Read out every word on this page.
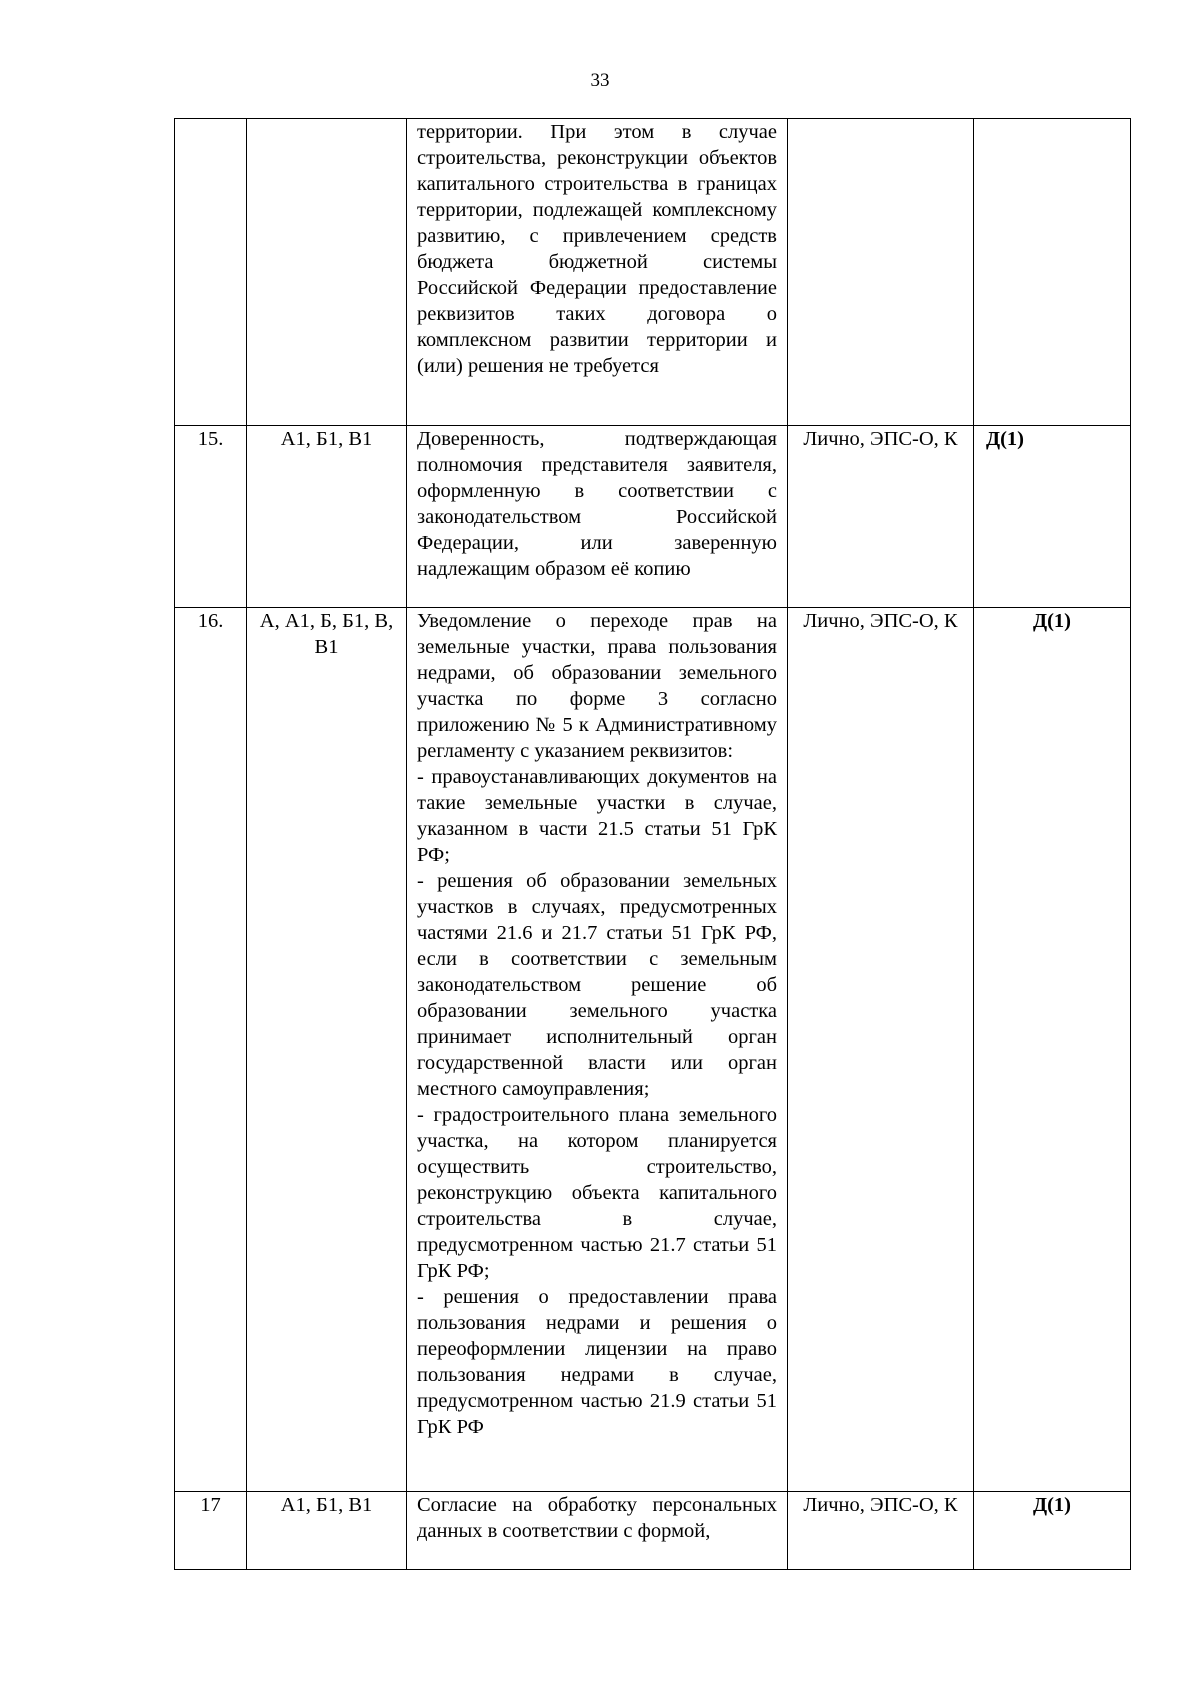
33

		территории. При этом в случае строительства, реконструкции объектов капитального строительства в границах территории, подлежащей комплексному развитию, с привлечением средств бюджета бюджетной системы Российской Федерации предоставление реквизитов таких договора о комплексном развитии территории и (или) решения не требуется		

15.	А1, Б1, В1	Доверенность, подтверждающая полномочия представителя заявителя, оформленную в соответствии с законодательством Российской Федерации, или заверенную надлежащим образом её копию	Лично, ЭПС-О, К	Д(1)
16.	А, А1, Б, Б1, В, В1	Уведомление о переходе прав на земельные участки, права пользования недрами, об образовании земельного участка по форме 3 согласно приложению № 5 к Административному регламенту с указанием реквизитов:

- правоустанавливающих документов на такие земельные участки в случае, указанном в части 21.5 статьи 51 ГрК РФ;

- решения об образовании земельных участков в случаях, предусмотренных частями 21.6 и 21.7 статьи 51 ГрК РФ, если в соответствии с земельным законодательством решение об образовании земельного участка принимает исполнительный орган государственной власти или орган местного самоуправления;

- градостроительного плана земельного участка, на котором планируется осуществить строительство, реконструкцию объекта капитального строительства в случае, предусмотренном частью 21.7 статьи 51 ГрК РФ;

- решения о предоставлении права пользования недрами и решения о переоформлении лицензии на право пользования недрами в случае, предусмотренном частью 21.9 статьи 51 ГрК РФ	Лично, ЭПС-О, К	Д(1)
17	А1, Б1, В1	Согласие на обработку персональных данных в соответствии с формой,	Лично, ЭПС-О, К	Д(1)
